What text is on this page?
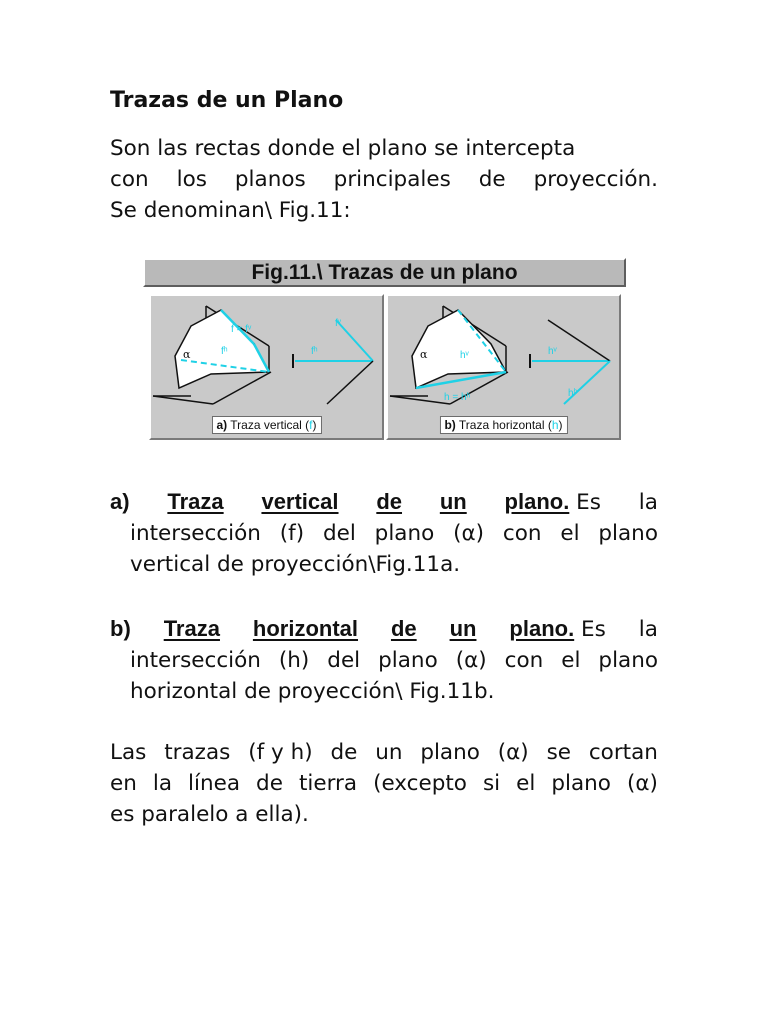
Trazas de un Plano
Son las rectas donde el plano se intercepta
con los planos principales de proyección.
Se denominan\ Fig.11:
Fig.11.\ Trazas de un plano
α
f = fᵛ
fʰ
fᵛ
fʰ
a) Traza vertical (f)
α	hᵛ
h = hʰ
hᵛ
hʰ
b) Traza horizontal (h)
a) Traza vertical de un plano. Es la
intersección (f) del plano (α) con el plano
vertical de proyección\Fig.11a.
b) Traza horizontal de un plano. Es la
intersección (h) del plano (α) con el plano
horizontal de proyección\ Fig.11b.
Las trazas (f y h) de un plano (α) se cortan
en la línea de tierra (excepto si el plano (α)
es paralelo a ella).
